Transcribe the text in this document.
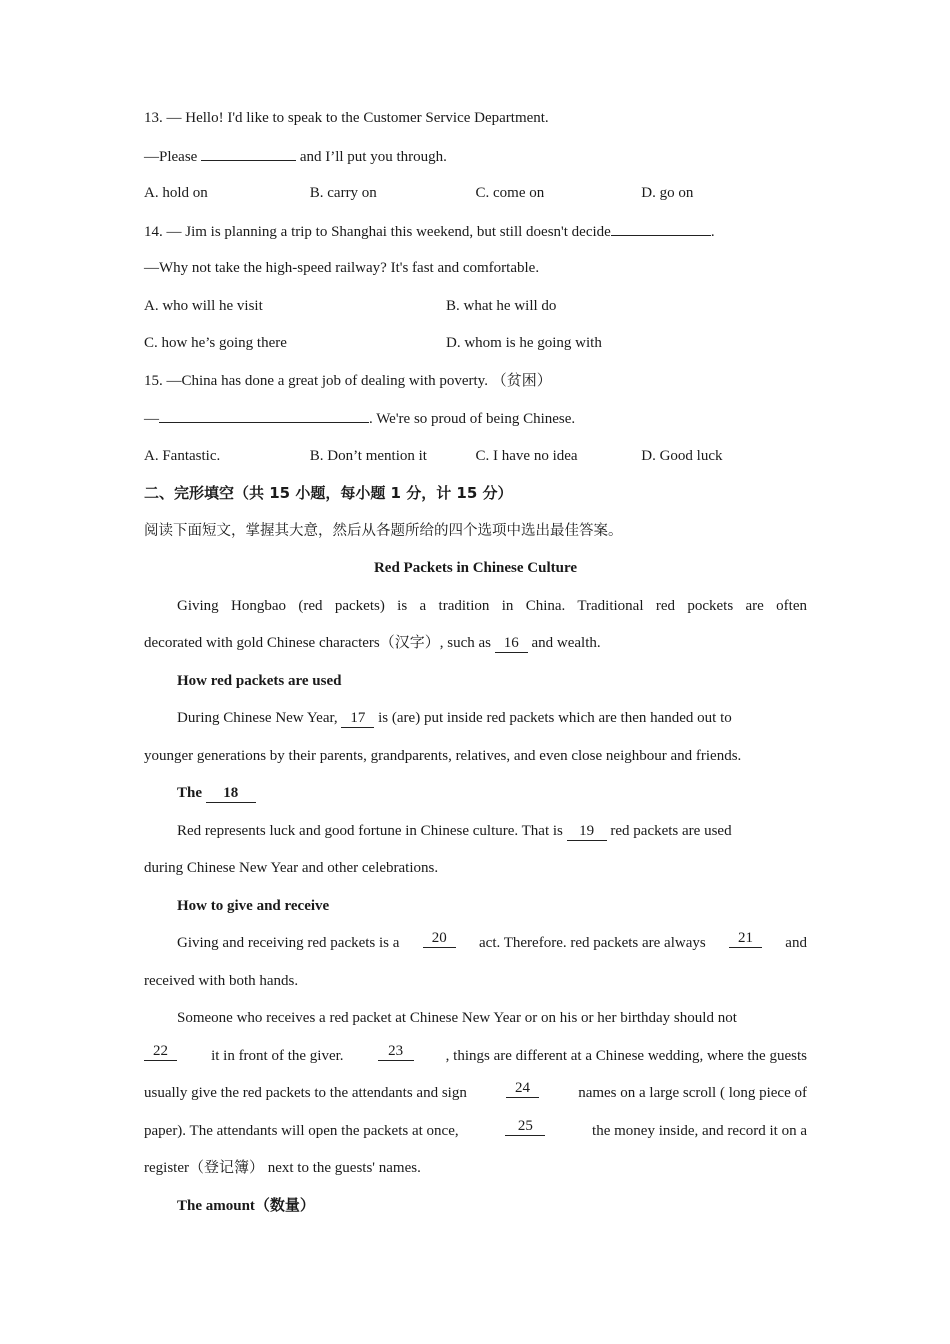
13. — Hello! I'd like to speak to the Customer Service Department.
—Please	and I’ll put you through.
A. hold on	B. carry on	C. come on	D. go on
14. — Jim is planning a trip to Shanghai this weekend, but still doesn't decide	.
—Why not take the high-speed railway? It's fast and comfortable.
A. who will he visit	B. what he will do
C. how he’s going there	D. whom is he going with
15. —China has done a great job of dealing with poverty. （贫困）
—	. We're so proud of being Chinese.
A. Fantastic.	B. Don’t mention it	C. I have no idea	D. Good luck
二、完形填空（共 15 小题，每小题 1 分，计 15 分）
阅读下面短文，掌握其大意，然后从各题所给的四个选项中选出最佳答案。
Red Packets in Chinese Culture
Giving Hongbao (red packets) is a tradition in China. Traditional red pockets are often
decorated with gold Chinese characters（汉字）, such as 16 and wealth.
How red packets are used
During Chinese New Year, 17 is (are) put inside red packets which are then handed out to
younger generations by their parents, grandparents, relatives, and even close neighbour and friends.
The 18
Red represents luck and good fortune in Chinese culture. That is 19 red packets are used
during Chinese New Year and other celebrations.
How to give and receive
Giving and receiving red packets is a	20	act. Therefore. red packets are always	21	and
received with both hands.
Someone who receives a red packet at Chinese New Year or on his or her birthday should not
22	it in front of the giver.	23	, things are different at a Chinese wedding, where the guests
usually give the red packets to the attendants and sign	24	names on a large scroll ( long piece of
paper). The attendants will open the packets at once,	25	the money inside, and record it on a
register（登记簿） next to the guests' names.
The amount（数量）
